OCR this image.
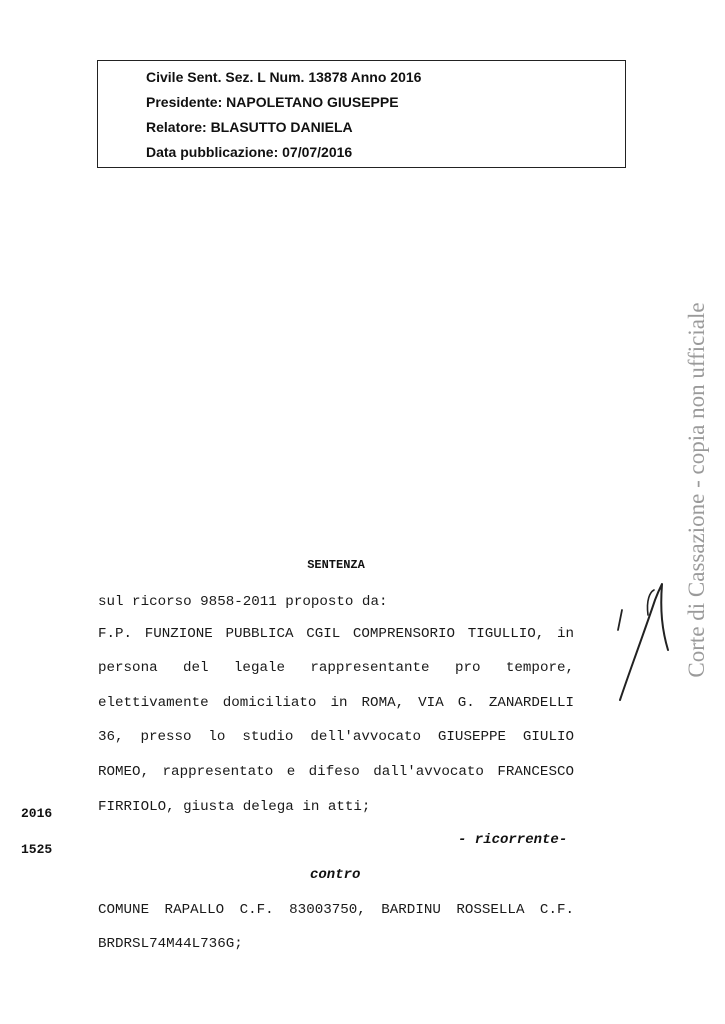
Civile Sent. Sez. L Num. 13878 Anno 2016
Presidente: NAPOLETANO GIUSEPPE
Relatore: BLASUTTO DANIELA
Data pubblicazione: 07/07/2016
SENTENZA
sul ricorso 9858-2011 proposto da:
F.P. FUNZIONE PUBBLICA CGIL COMPRENSORIO TIGULLIO, in
persona del legale rappresentante pro tempore,
elettivamente domiciliato in ROMA, VIA G. ZANARDELLI
36, presso lo studio dell'avvocato GIUSEPPE GIULIO
ROMEO, rappresentato e difeso dall'avvocato FRANCESCO
FIRRIOLO, giusta delega in atti;
- ricorrente-
contro
COMUNE RAPALLO C.F. 83003750, BARDINU ROSSELLA C.F.
BRDRSL74M44L736G;
2016
1525
Corte di Cassazione - copia non ufficiale
